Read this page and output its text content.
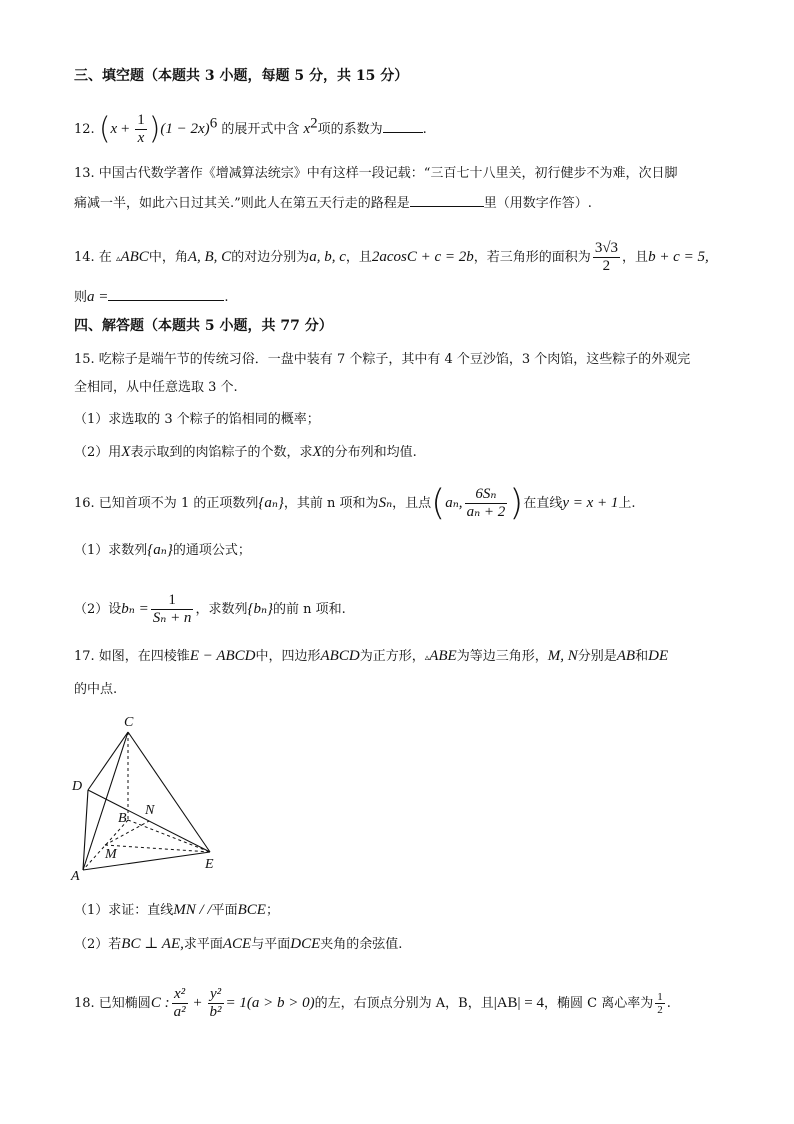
三、填空题（本题共 3 小题，每题 5 分，共 15 分）
12. $(x + \frac{1}{x} )(1 - 2x)^6$ 的展开式中含 $x^2$项的系数为	.
13. 中国古代数学著作《增减算法统宗》中有这样一段记载：“三百七十八里关，初行健步不为难，次日脚
痛减一半，如此六日过其关.”则此人在第五天行走的路程是	里（用数字作答）.
14. 在 ▵ABC中，角A, B, C的对边分别为a, b, c，且2acosC + c = 2b，若三角形的面积为 $\frac{3√3}{2}$ ，且b + c = 5,
则a =	.
四、解答题（本题共 5 小题，共 77 分）
15. 吃粽子是端午节的传统习俗．一盘中装有 7 个粽子，其中有 4 个豆沙馅，3 个肉馅，这些粽子的外观完
全相同，从中任意选取 3 个.
（1）求选取的 3 个粽子的馅相同的概率；
（2）用X表示取到的肉馅粽子的个数，求X的分布列和均值.
16. 已知首项不为 1 的正项数列{aₙ}，其前 n 项和为Sₙ，且点(aₙ, $\frac{\text{6Sₙ}}{\text{aₙ + 2}}$ )在直线y = x + 1上.
（1）求数列{aₙ}的通项公式；
（2）设$b_n = \frac{1}{\text{Sₙ + n}}$ ，求数列{bₙ}的前 n 项和.
17. 如图，在四棱锥E − ABCD中，四边形ABCD为正方形，▵ABE为等边三角形，M, N分别是AB和DE
的中点.
C
D
N
B
M
A
E
（1）求证：直线MN / /平面BCE；
（2）若BC ⊥ AE,求平面ACE与平面DCE夹角的余弦值.
18. 已知椭圆C : $\frac{\text{x²}}{\text{a²}} + \frac{\text{y²}}{\text{b²}} = 1(a > b > 0)$的左，右顶点分别为 A，B，且|AB| = 4，椭圆 C 离心率为 $\frac{1}{2}$ .
